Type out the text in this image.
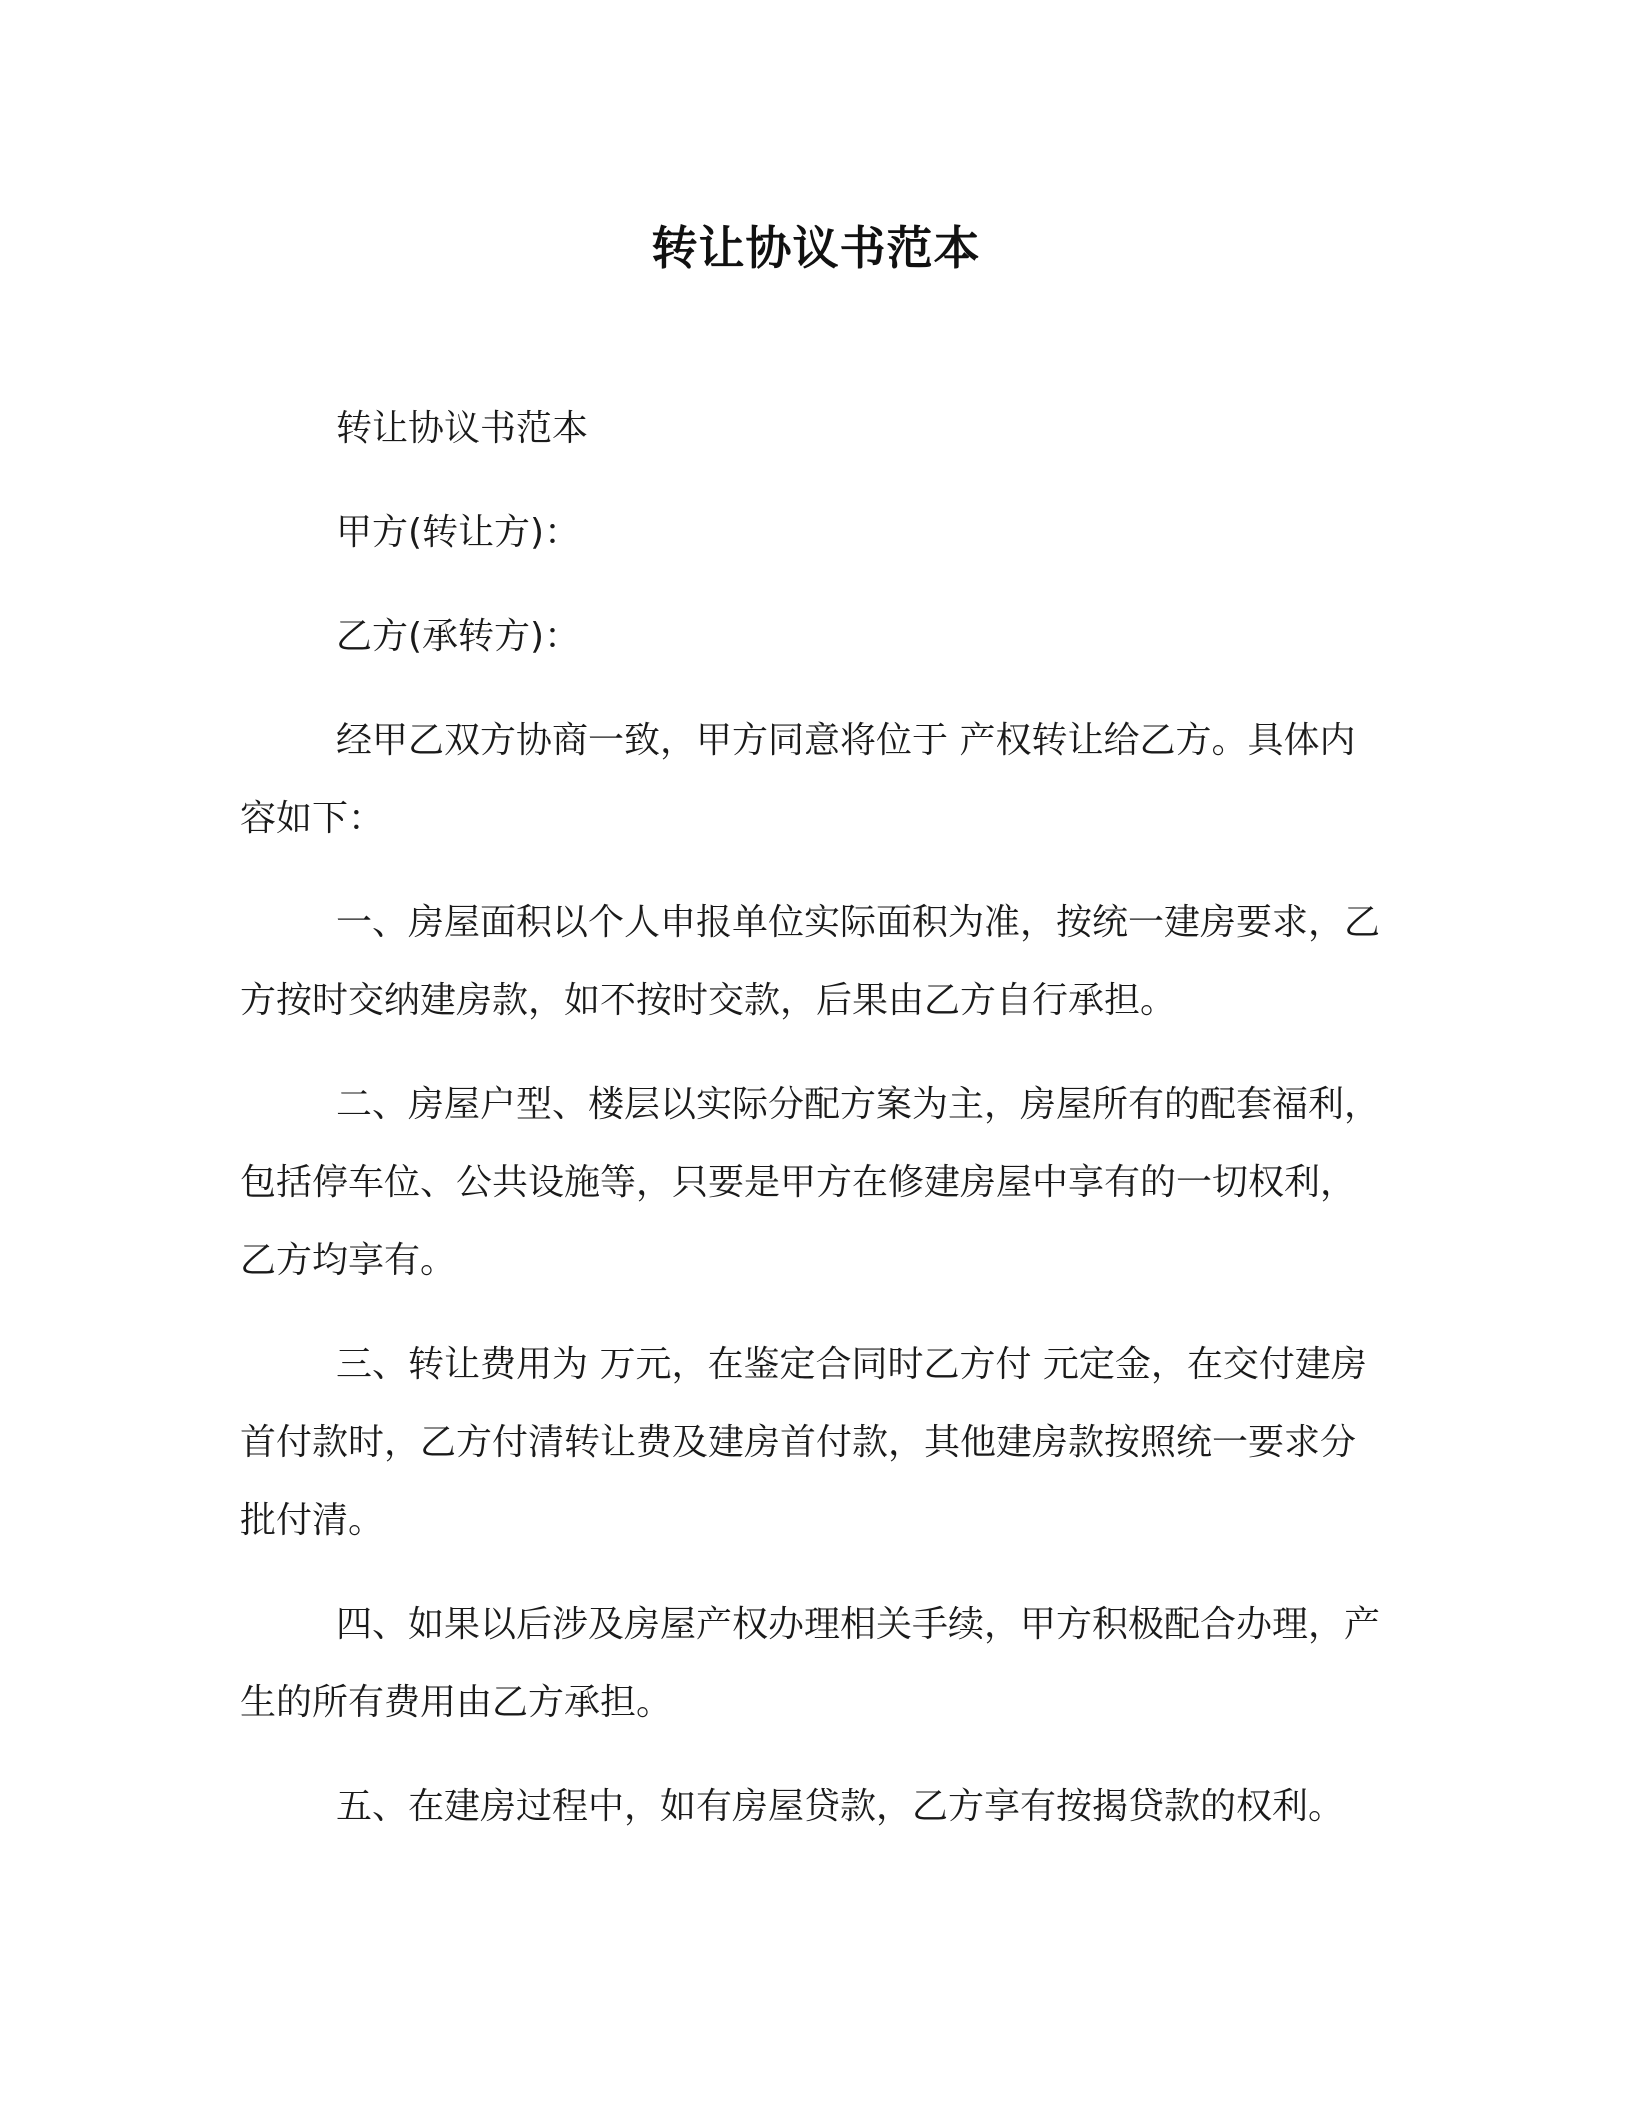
转让协议书范本

转让协议书范本

甲方(转让方)：

乙方(承转方)：

经甲乙双方协商一致，甲方同意将位于 产权转让给乙方。具体内容如下：

一、房屋面积以个人申报单位实际面积为准，按统一建房要求，乙方按时交纳建房款，如不按时交款，后果由乙方自行承担。

二、房屋户型、楼层以实际分配方案为主，房屋所有的配套福利，包括停车位、公共设施等，只要是甲方在修建房屋中享有的一切权利，乙方均享有。

三、转让费用为 万元，在鉴定合同时乙方付 元定金，在交付建房首付款时，乙方付清转让费及建房首付款，其他建房款按照统一要求分批付清。

四、如果以后涉及房屋产权办理相关手续，甲方积极配合办理，产生的所有费用由乙方承担。

五、在建房过程中，如有房屋贷款，乙方享有按揭贷款的权利。
